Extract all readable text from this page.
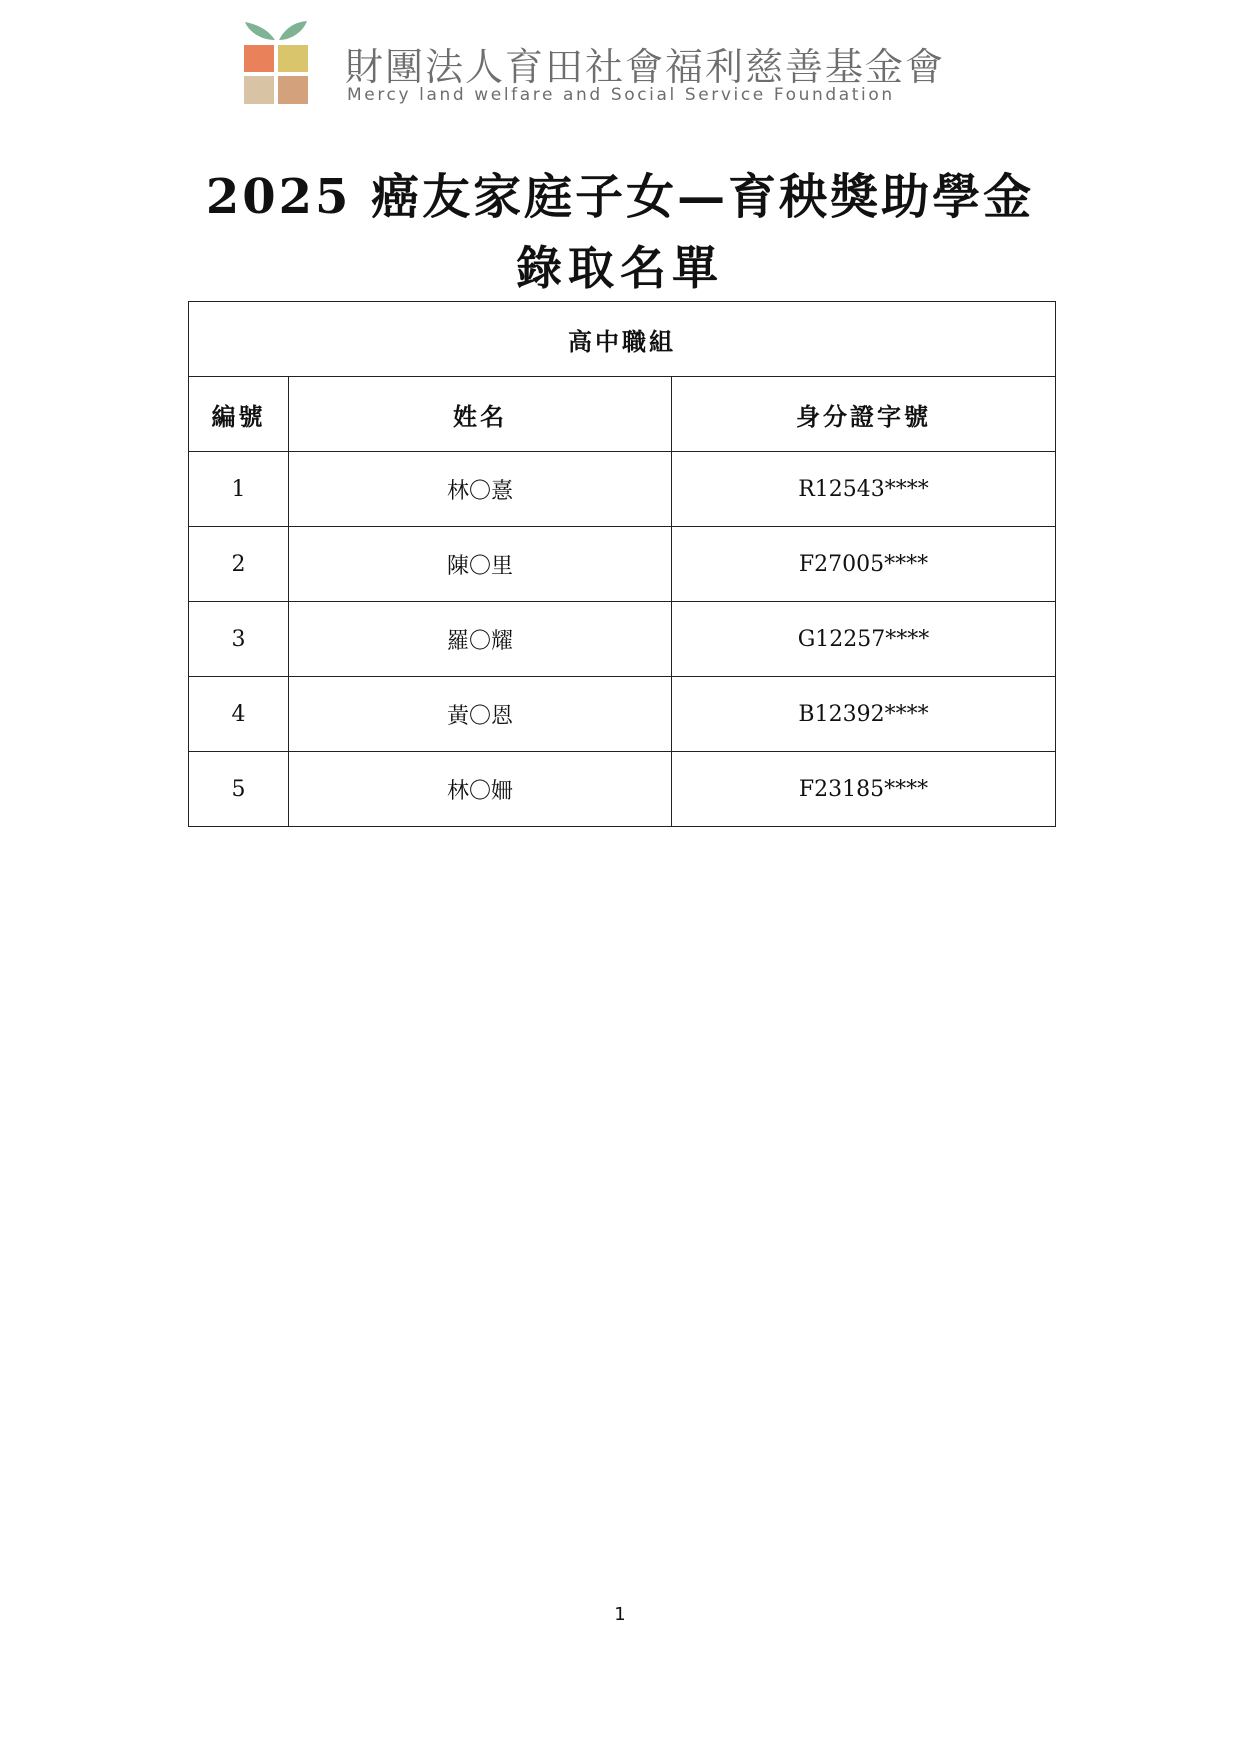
財團法人育田社會福利慈善基金會
Mercy land welfare and Social Service Foundation
2025 癌友家庭子女—育秧獎助學金
錄取名單
高中職組		
編號	姓名	身分證字號
1	林〇憙	R12543****
2	陳〇里	F27005****
3	羅〇耀	G12257****
4	黃〇恩	B12392****
5	林〇姍	F23185****
1
